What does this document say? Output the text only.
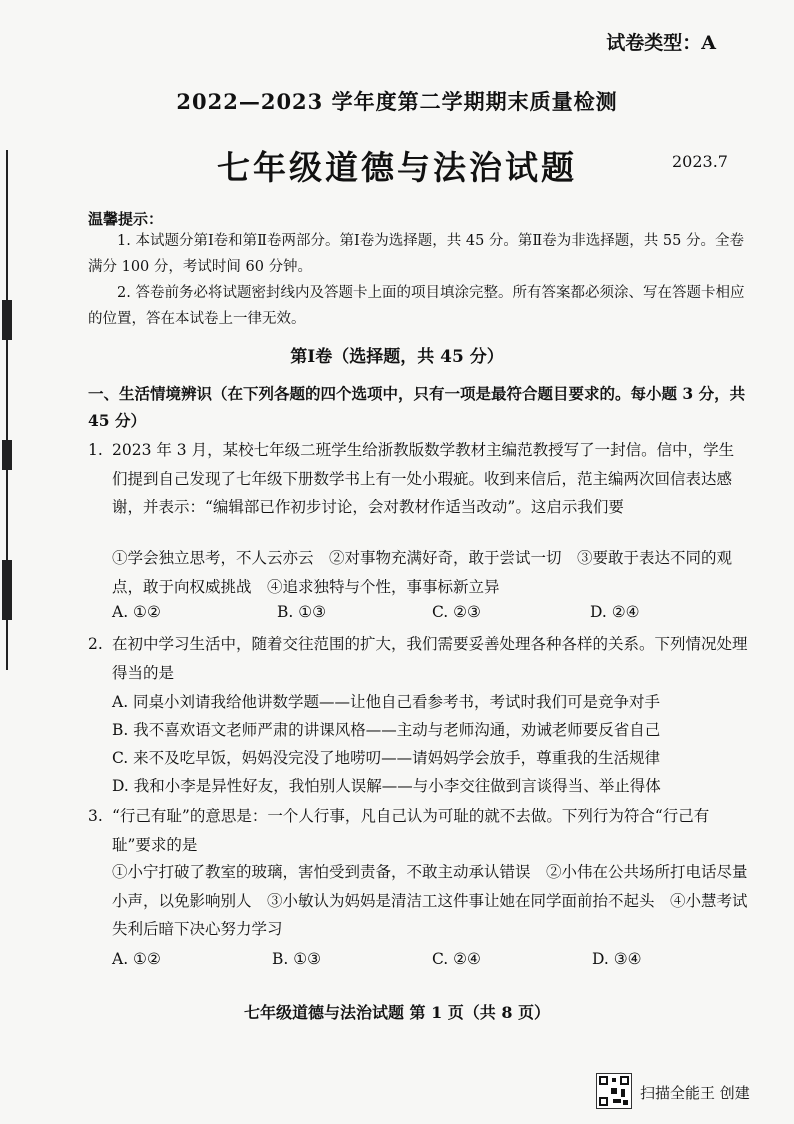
试卷类型：A
2022—2023 学年度第二学期期末质量检测
七年级道德与法治试题	2023.7
温馨提示：
1. 本试题分第Ⅰ卷和第Ⅱ卷两部分。第Ⅰ卷为选择题，共 45 分。第Ⅱ卷为非选择题，共 55 分。全卷满分 100 分，考试时间 60 分钟。
2. 答卷前务必将试题密封线内及答题卡上面的项目填涂完整。所有答案都必须涂、写在答题卡相应的位置，答在本试卷上一律无效。
第Ⅰ卷（选择题，共 45 分）
一、生活情境辨识（在下列各题的四个选项中，只有一项是最符合题目要求的。每小题 3 分，共 45 分）
1. 2023 年 3 月，某校七年级二班学生给浙教版数学教材主编范教授写了一封信。信中，学生们提到自己发现了七年级下册数学书上有一处小瑕疵。收到来信后，范主编两次回信表达感谢，并表示：“编辑部已作初步讨论，会对教材作适当改动”。这启示我们要
①学会独立思考，不人云亦云　②对事物充满好奇，敢于尝试一切　③要敢于表达不同的观点，敢于向权威挑战　④追求独特与个性，事事标新立异
A. ①②	B. ①③	C. ②③	D. ②④
2. 在初中学习生活中，随着交往范围的扩大，我们需要妥善处理各种各样的关系。下列情况处理得当的是
A. 同桌小刘请我给他讲数学题——让他自己看参考书，考试时我们可是竞争对手
B. 我不喜欢语文老师严肃的讲课风格——主动与老师沟通，劝诫老师要反省自己
C. 来不及吃早饭，妈妈没完没了地唠叨——请妈妈学会放手，尊重我的生活规律
D. 我和小李是异性好友，我怕别人误解——与小李交往做到言谈得当、举止得体
3. “行己有耻”的意思是：一个人行事，凡自己认为可耻的就不去做。下列行为符合“行己有耻”要求的是
①小宁打破了教室的玻璃，害怕受到责备，不敢主动承认错误　②小伟在公共场所打电话尽量小声，以免影响别人　③小敏认为妈妈是清洁工这件事让她在同学面前抬不起头　④小慧考试失利后暗下决心努力学习
A. ①②	B. ①③	C. ②④	D. ③④
七年级道德与法治试题 第 1 页（共 8 页）
扫描全能王 创建
